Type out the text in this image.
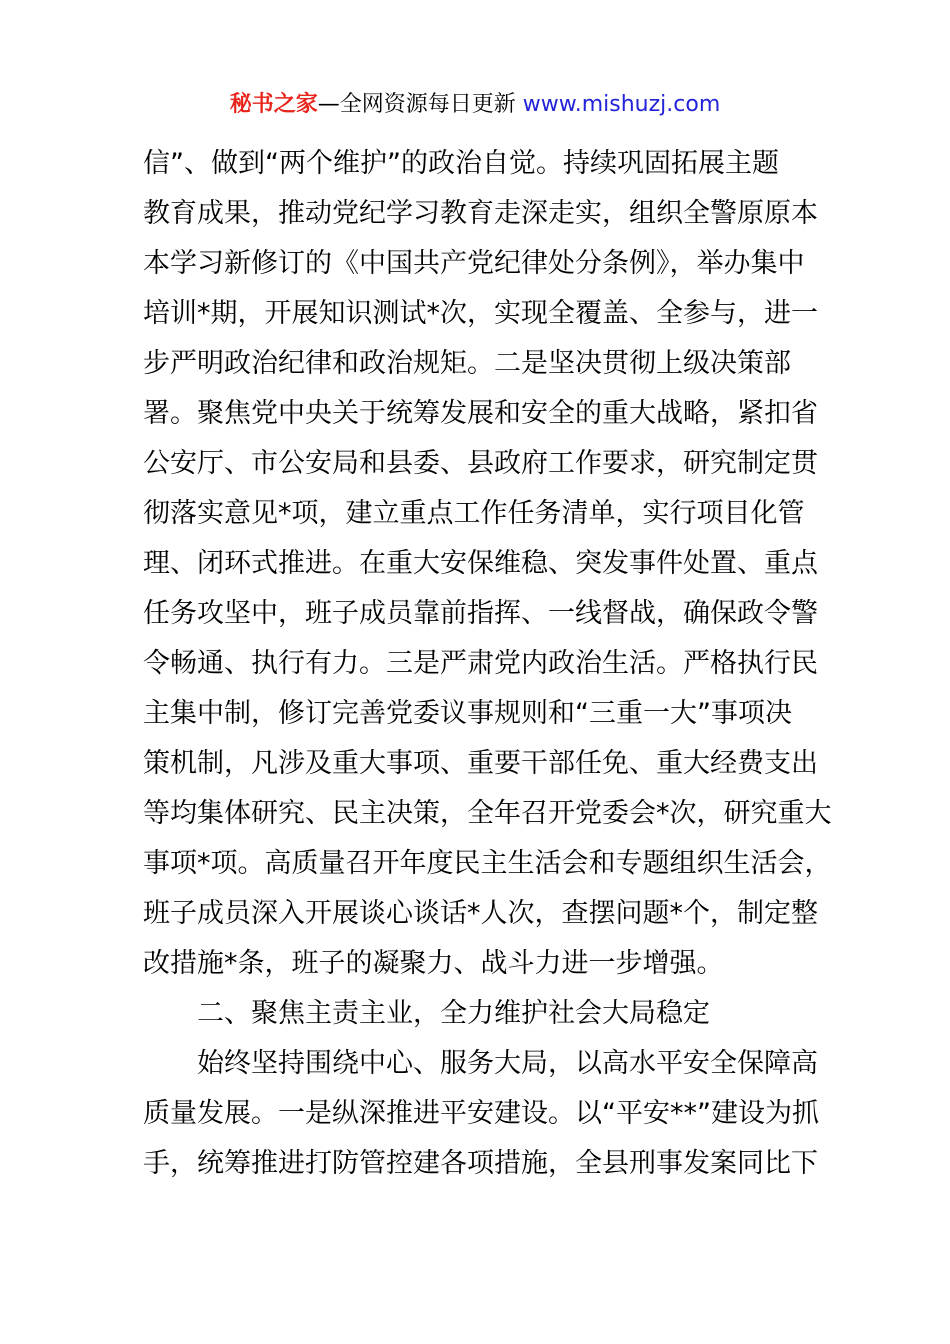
秘书之家—全网资源每日更新 www.mishuzj.com
信”、做到“两个维护”的政治自觉。持续巩固拓展主题
教育成果，推动党纪学习教育走深走实，组织全警原原本
本学习新修订的《中国共产党纪律处分条例》，举办集中
培训*期，开展知识测试*次，实现全覆盖、全参与，进一
步严明政治纪律和政治规矩。二是坚决贯彻上级决策部
署。聚焦党中央关于统筹发展和安全的重大战略，紧扣省
公安厅、市公安局和县委、县政府工作要求，研究制定贯
彻落实意见*项，建立重点工作任务清单，实行项目化管
理、闭环式推进。在重大安保维稳、突发事件处置、重点
任务攻坚中，班子成员靠前指挥、一线督战，确保政令警
令畅通、执行有力。三是严肃党内政治生活。严格执行民
主集中制，修订完善党委议事规则和“三重一大”事项决
策机制，凡涉及重大事项、重要干部任免、重大经费支出
等均集体研究、民主决策，全年召开党委会*次，研究重大
事项*项。高质量召开年度民主生活会和专题组织生活会，
班子成员深入开展谈心谈话*人次，查摆问题*个，制定整
改措施*条，班子的凝聚力、战斗力进一步增强。
　　二、聚焦主责主业，全力维护社会大局稳定
　　始终坚持围绕中心、服务大局，以高水平安全保障高
质量发展。一是纵深推进平安建设。以“平安**”建设为抓
手，统筹推进打防管控建各项措施，全县刑事发案同比下
